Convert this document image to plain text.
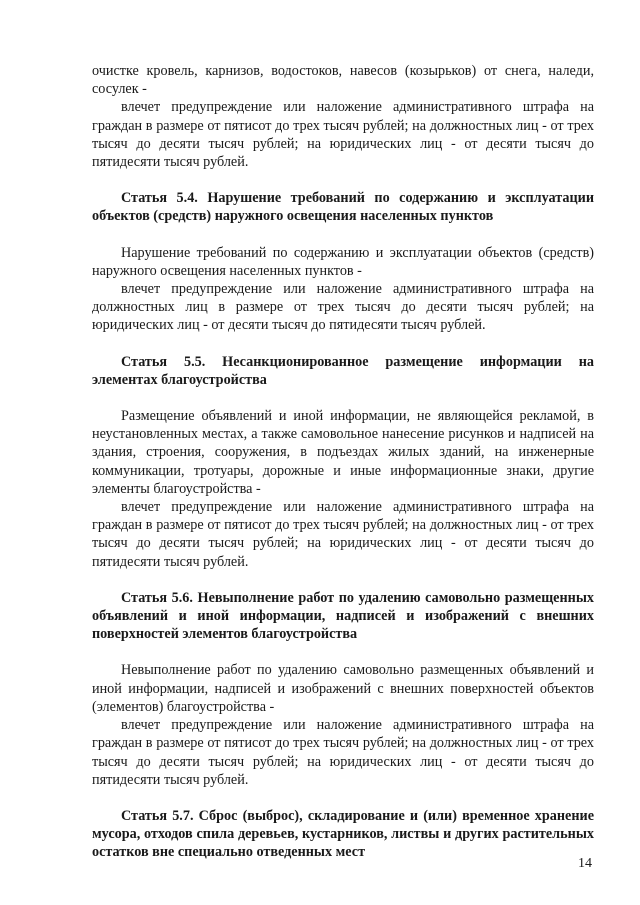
очистке кровель, карнизов, водостоков, навесов (козырьков) от снега, наледи, сосулек -

влечет предупреждение или наложение административного штрафа на граждан в размере от пятисот до трех тысяч рублей; на должностных лиц - от трех тысяч до десяти тысяч рублей; на юридических лиц - от десяти тысяч до пятидесяти тысяч рублей.

Статья 5.4. Нарушение требований по содержанию и эксплуатации объектов (средств) наружного освещения населенных пунктов

Нарушение требований по содержанию и эксплуатации объектов (средств) наружного освещения населенных пунктов -

влечет предупреждение или наложение административного штрафа на должностных лиц в размере от трех тысяч до десяти тысяч рублей; на юридических лиц - от десяти тысяч до пятидесяти тысяч рублей.

Статья 5.5. Несанкционированное размещение информации на элементах благоустройства

Размещение объявлений и иной информации, не являющейся рекламой, в неустановленных местах, а также самовольное нанесение рисунков и надписей на здания, строения, сооружения, в подъездах жилых зданий, на инженерные коммуникации, тротуары, дорожные и иные информационные знаки, другие элементы благоустройства -

влечет предупреждение или наложение административного штрафа на граждан в размере от пятисот до трех тысяч рублей; на должностных лиц - от трех тысяч до десяти тысяч рублей; на юридических лиц - от десяти тысяч до пятидесяти тысяч рублей.

Статья 5.6. Невыполнение работ по удалению самовольно размещенных объявлений и иной информации, надписей и изображений с внешних поверхностей элементов благоустройства

Невыполнение работ по удалению самовольно размещенных объявлений и иной информации, надписей и изображений с внешних поверхностей объектов (элементов) благоустройства -

влечет предупреждение или наложение административного штрафа на граждан в размере от пятисот до трех тысяч рублей; на должностных лиц - от трех тысяч до десяти тысяч рублей; на юридических лиц - от десяти тысяч до пятидесяти тысяч рублей.

Статья 5.7. Сброс (выброс), складирование и (или) временное хранение мусора, отходов спила деревьев, кустарников, листвы и других растительных остатков вне специально отведенных мест
14
